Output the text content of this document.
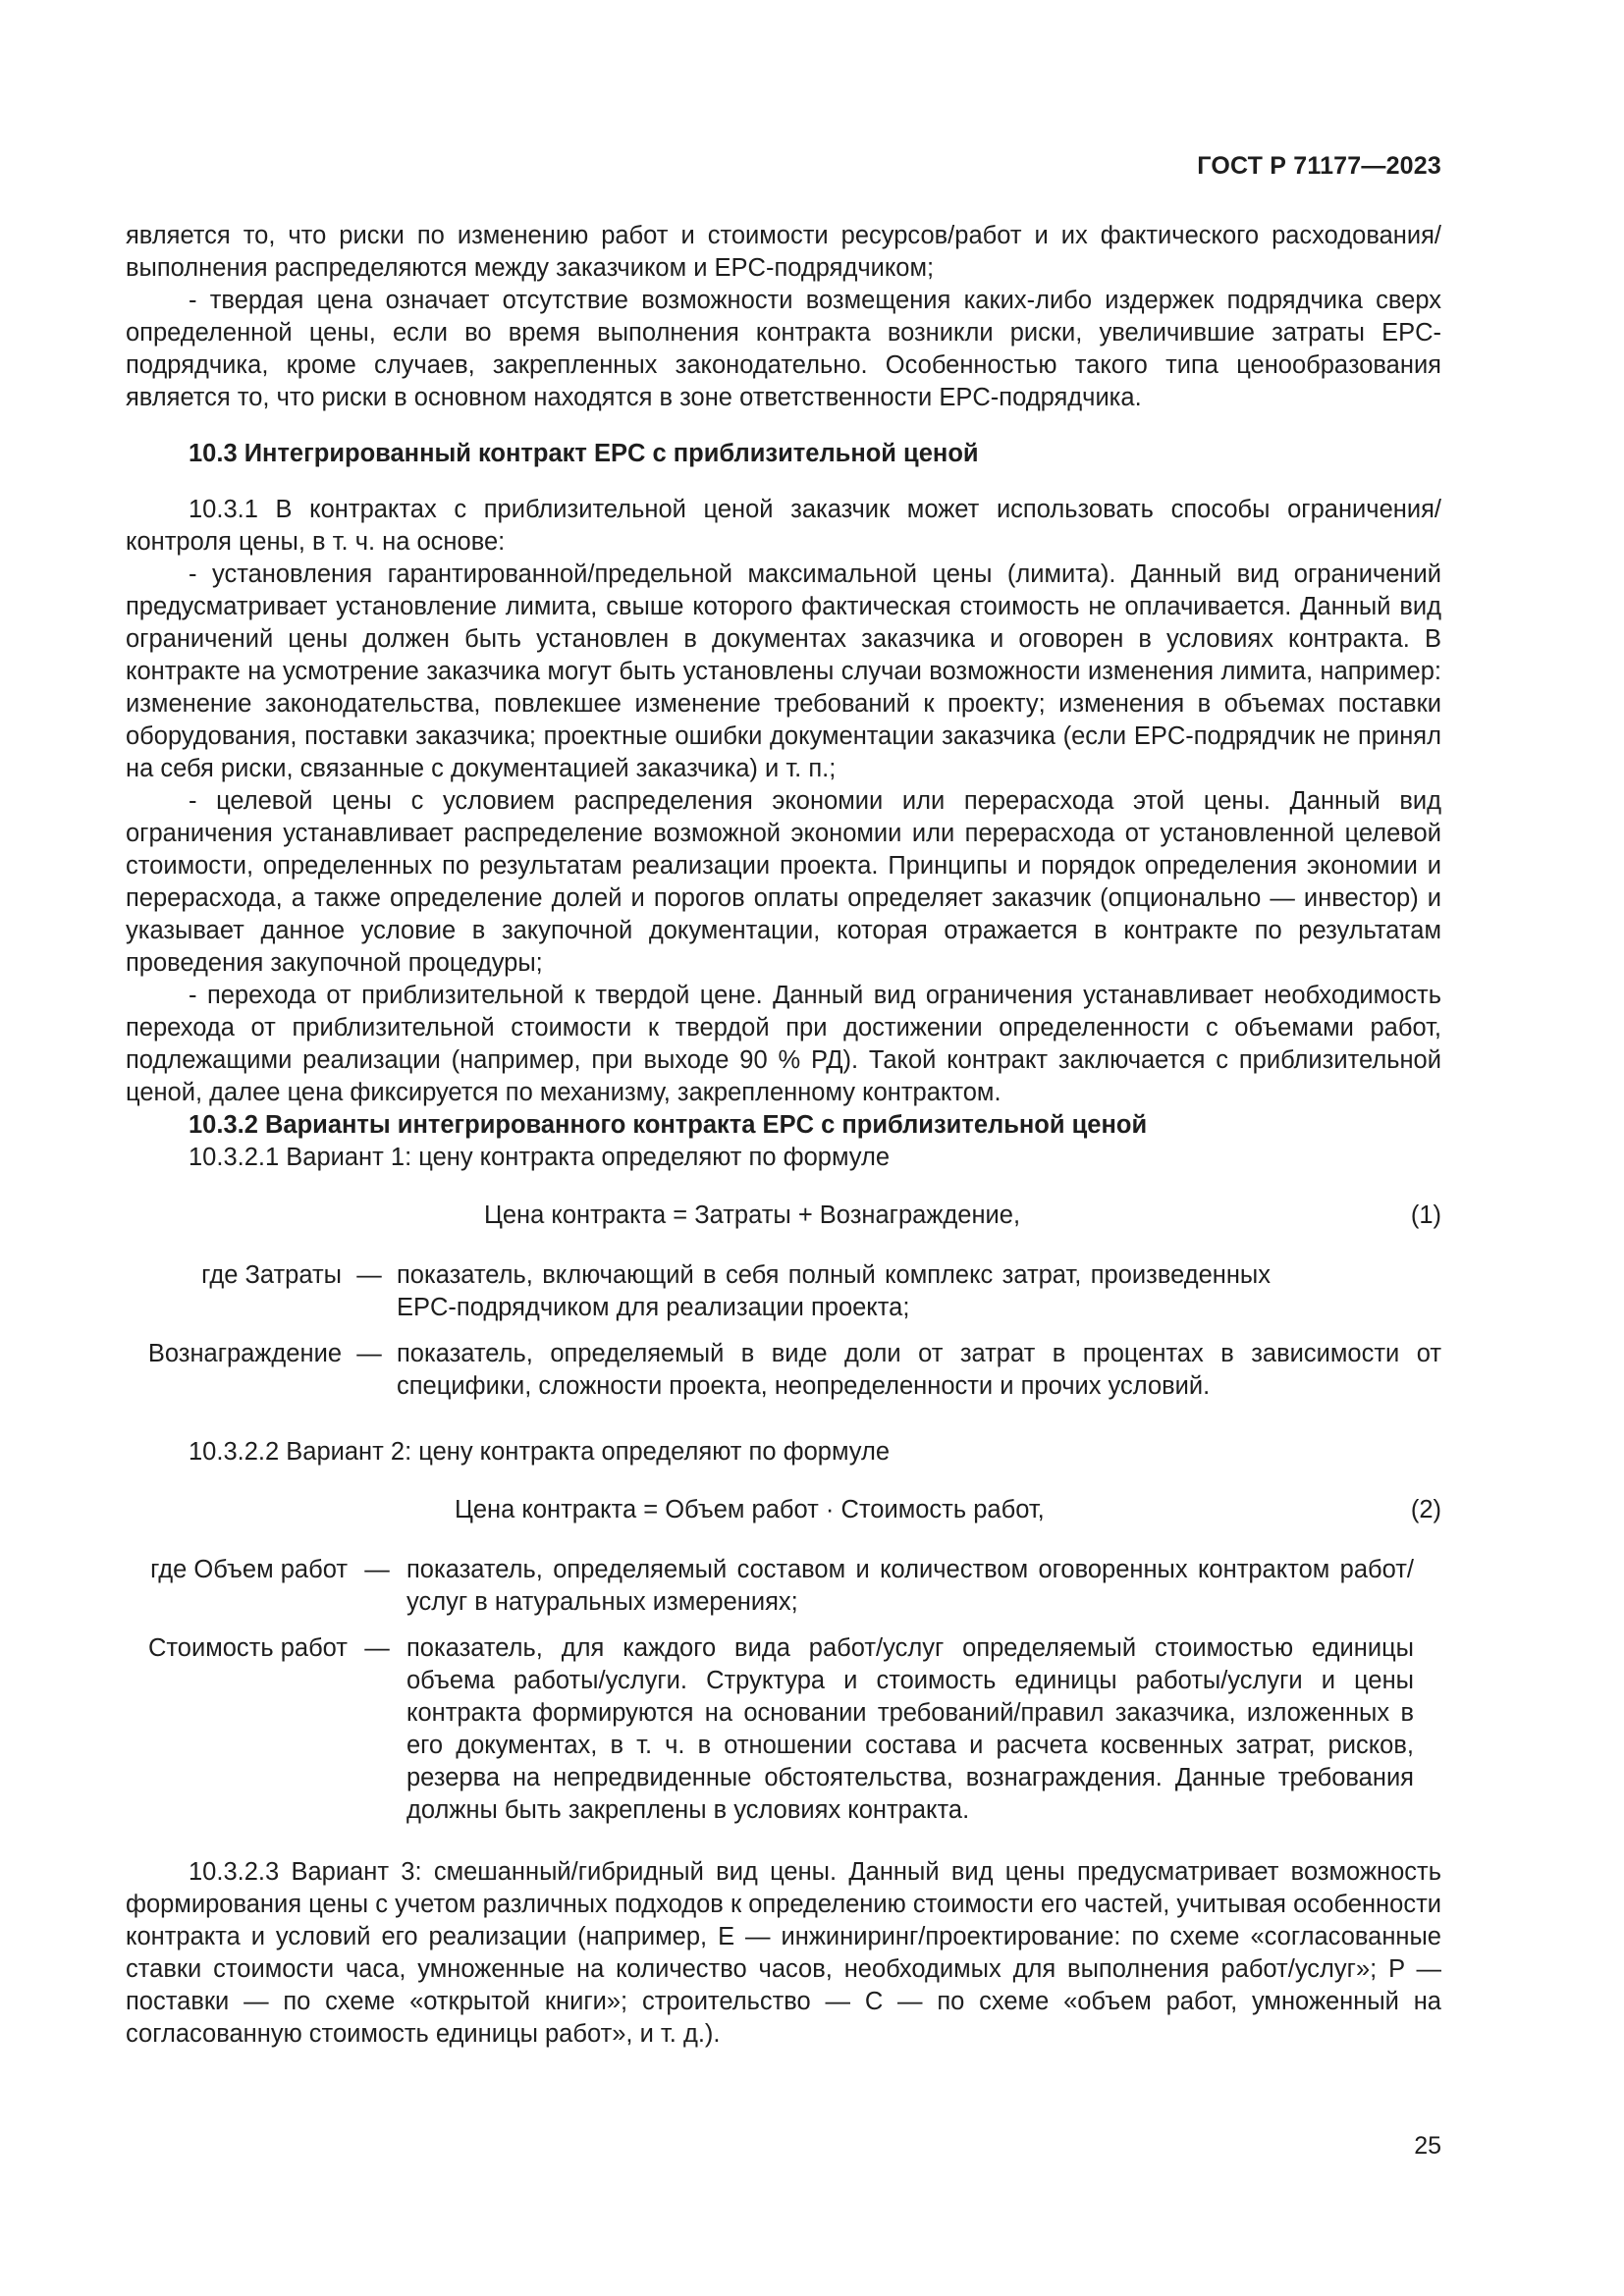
ГОСТ Р 71177—2023

является то, что риски по изменению работ и стоимости ресурсов/работ и их фактического расходования/выполнения распределяются между заказчиком и EPC-подрядчиком;

- твердая цена означает отсутствие возможности возмещения каких-либо издержек подрядчика сверх определенной цены, если во время выполнения контракта возникли риски, увеличившие затраты EPC-подрядчика, кроме случаев, закрепленных законодательно. Особенностью такого типа ценообразования является то, что риски в основном находятся в зоне ответственности EPC-подрядчика.

10.3 Интегрированный контракт EPC с приблизительной ценой

10.3.1 В контрактах с приблизительной ценой заказчик может использовать способы ограничения/контроля цены, в т. ч. на основе:

- установления гарантированной/предельной максимальной цены (лимита). Данный вид ограничений предусматривает установление лимита, свыше которого фактическая стоимость не оплачивается. Данный вид ограничений цены должен быть установлен в документах заказчика и оговорен в условиях контракта. В контракте на усмотрение заказчика могут быть установлены случаи возможности изменения лимита, например: изменение законодательства, повлекшее изменение требований к проекту; изменения в объемах поставки оборудования, поставки заказчика; проектные ошибки документации заказчика (если EPC-подрядчик не принял на себя риски, связанные с документацией заказчика) и т. п.;

- целевой цены с условием распределения экономии или перерасхода этой цены. Данный вид ограничения устанавливает распределение возможной экономии или перерасхода от установленной целевой стоимости, определенных по результатам реализации проекта. Принципы и порядок определения экономии и перерасхода, а также определение долей и порогов оплаты определяет заказчик (опционально — инвестор) и указывает данное условие в закупочной документации, которая отражается в контракте по результатам проведения закупочной процедуры;

- перехода от приблизительной к твердой цене. Данный вид ограничения устанавливает необходимость перехода от приблизительной стоимости к твердой при достижении определенности с объемами работ, подлежащими реализации (например, при выходе 90 % РД). Такой контракт заключается с приблизительной ценой, далее цена фиксируется по механизму, закрепленному контрактом.

10.3.2 Варианты интегрированного контракта EPC с приблизительной ценой

10.3.2.1 Вариант 1: цену контракта определяют по формуле

Цена контракта = Затраты + Вознаграждение,	(1)
где Затраты	—	показатель, включающий в себя полный комплекс затрат, произведенных EPC-подрядчиком для реализации проекта;	
Вознаграждение	—	показатель, определяемый в виде доли от затрат в процентах в зависимости от специфики, сложности проекта, неопределенности и прочих условий.	

10.3.2.2 Вариант 2: цену контракта определяют по формуле

Цена контракта = Объем работ · Стоимость работ,	(2)
где Объем работ	—	показатель, определяемый составом и количеством оговоренных контрактом работ/услуг в натуральных измерениях;	
Стоимость работ	—	показатель, для каждого вида работ/услуг определяемый стоимостью единицы объема работы/услуги. Структура и стоимость единицы работы/услуги и цены контракта формируются на основании требований/правил заказчика, изложенных в его документах, в т. ч. в отношении состава и расчета косвенных затрат, рисков, резерва на непредвиденные обстоятельства, вознаграждения. Данные требования должны быть закреплены в условиях контракта.	

10.3.2.3 Вариант 3: смешанный/гибридный вид цены. Данный вид цены предусматривает возможность формирования цены с учетом различных подходов к определению стоимости его частей, учитывая особенности контракта и условий его реализации (например, E — инжиниринг/проектирование: по схеме «согласованные ставки стоимости часа, умноженные на количество часов, необходимых для выполнения работ/услуг»; P — поставки — по схеме «открытой книги»; строительство — C — по схеме «объем работ, умноженный на согласованную стоимость единицы работ», и т. д.).

25
